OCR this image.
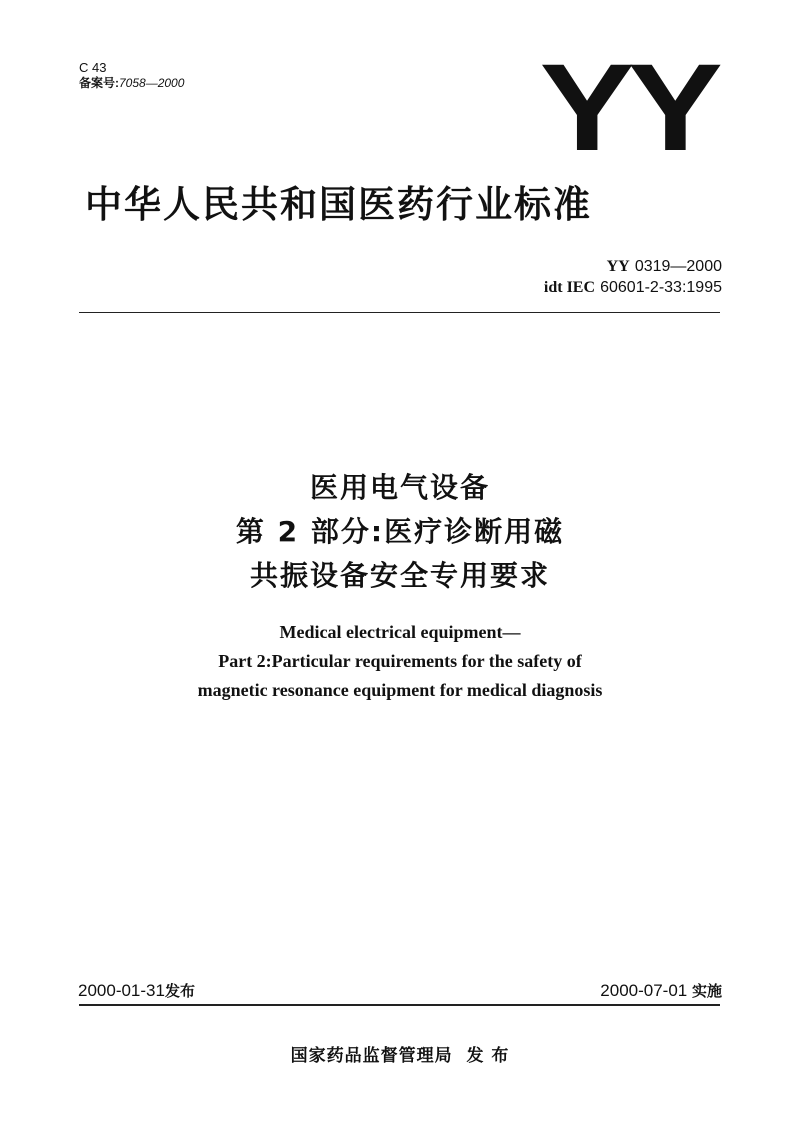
C 43
备案号:7058—2000	YY
中华人民共和国医药行业标准
YY 0319—2000
idt IEC 60601-2-33:1995
医用电气设备
第 2 部分:医疗诊断用磁
共振设备安全专用要求
Medical electrical equipment—
Part 2:Particular requirements for the safety of
magnetic resonance equipment for medical diagnosis
2000-01-31发布	2000-07-01 实施
国家药品监督管理局  发 布
